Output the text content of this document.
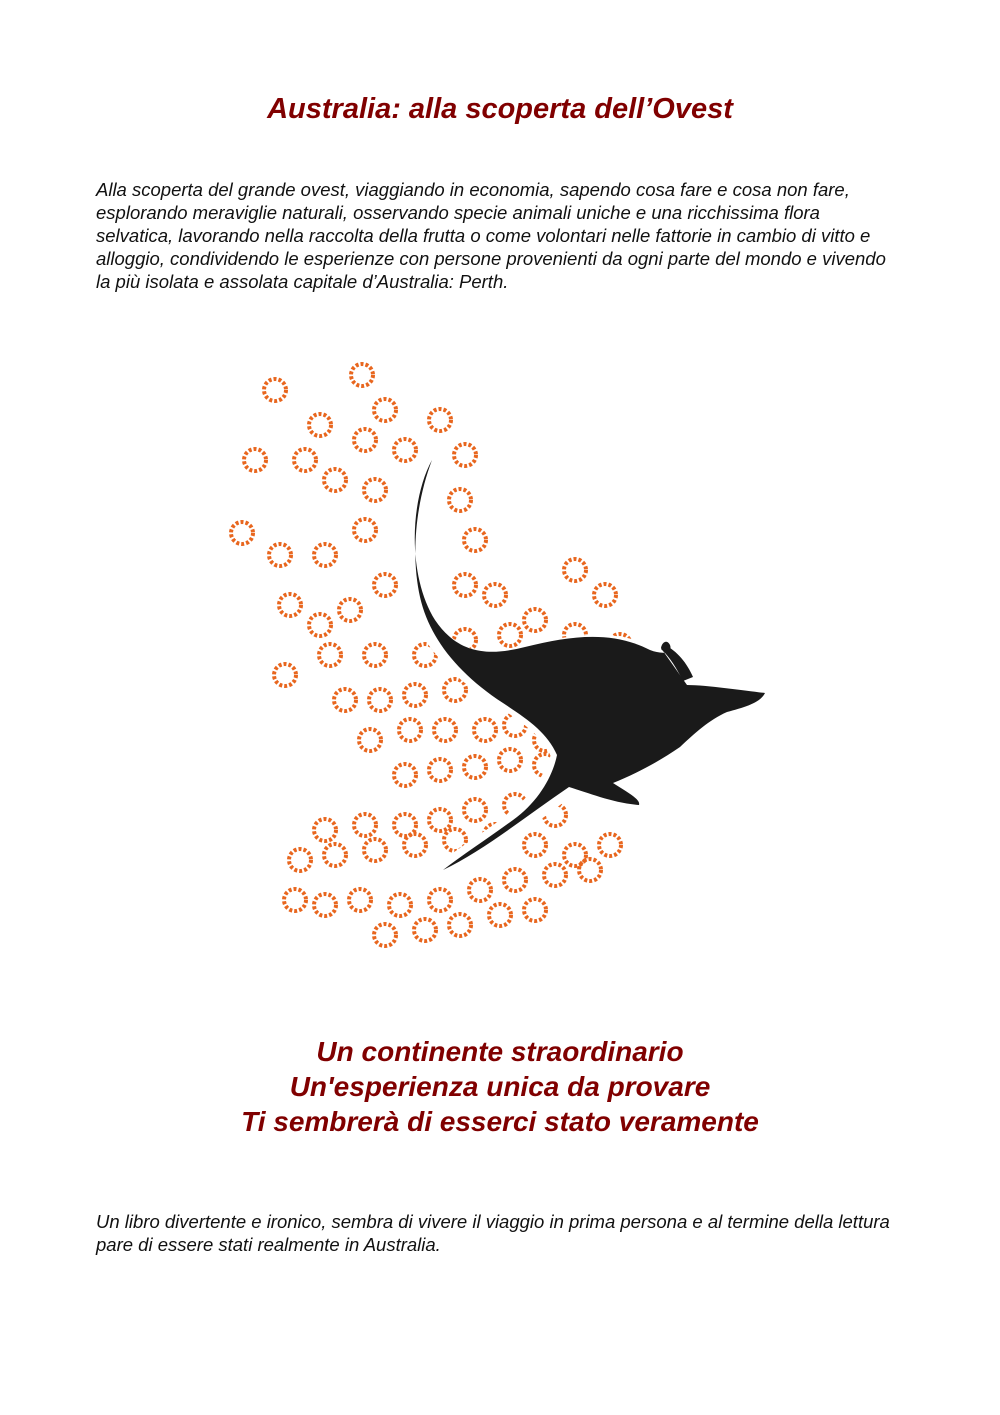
Australia: alla scoperta dell’Ovest

Alla scoperta del grande ovest, viaggiando in economia, sapendo cosa fare e cosa non fare, esplorando meraviglie naturali, osservando specie animali uniche e una ricchissima flora selvatica, lavorando nella raccolta della frutta o come volontari nelle fattorie in cambio di vitto e alloggio, condividendo le esperienze con persone provenienti da ogni parte del mondo e vivendo la più isolata e assolata capitale d’Australia: Perth.

Un continente straordinario
Un'esperienza unica da provare
Ti sembrerà di esserci stato veramente

Un libro divertente e ironico, sembra di vivere il viaggio in prima persona e al termine della lettura pare di essere stati realmente in Australia.
